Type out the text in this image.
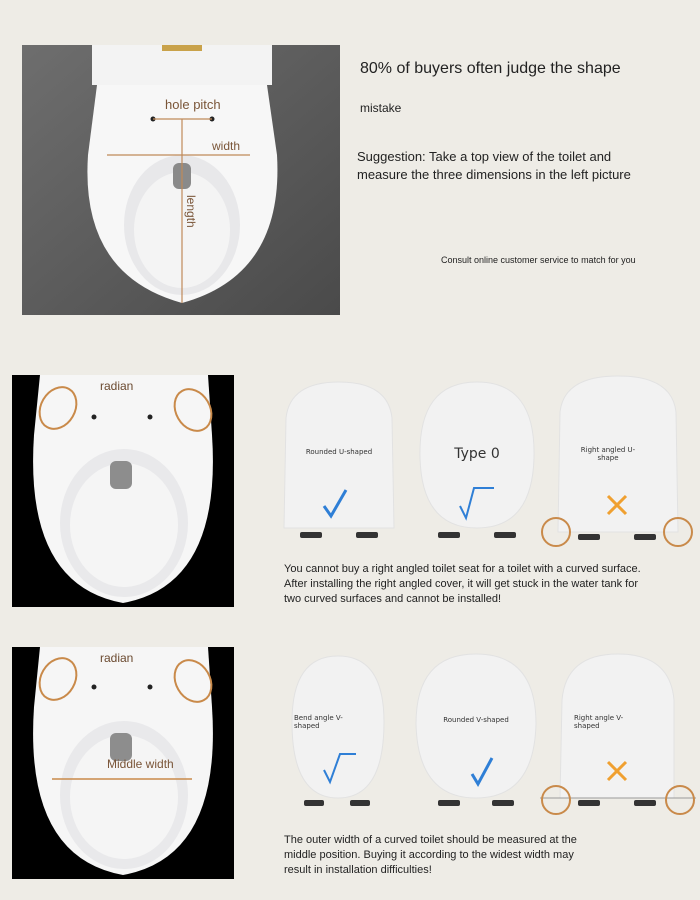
hole pitch
width
length
80% of buyers often judge the shape
mistake
Suggestion: Take a top view of the toilet and measure the three dimensions in the left picture
Consult online customer service to match for you
radian
Rounded U-shaped	Type 0	Right angled U-shape
You cannot buy a right angled toilet seat for a toilet with a curved surface. After installing the right angled cover, it will get stuck in the water tank for two curved surfaces and cannot be installed!
radian
Middle width
Bend angle V-shaped
Rounded V-shaped	Right angle V-shaped
The outer width of a curved toilet should be measured at the middle position. Buying it according to the widest width may result in installation difficulties!
